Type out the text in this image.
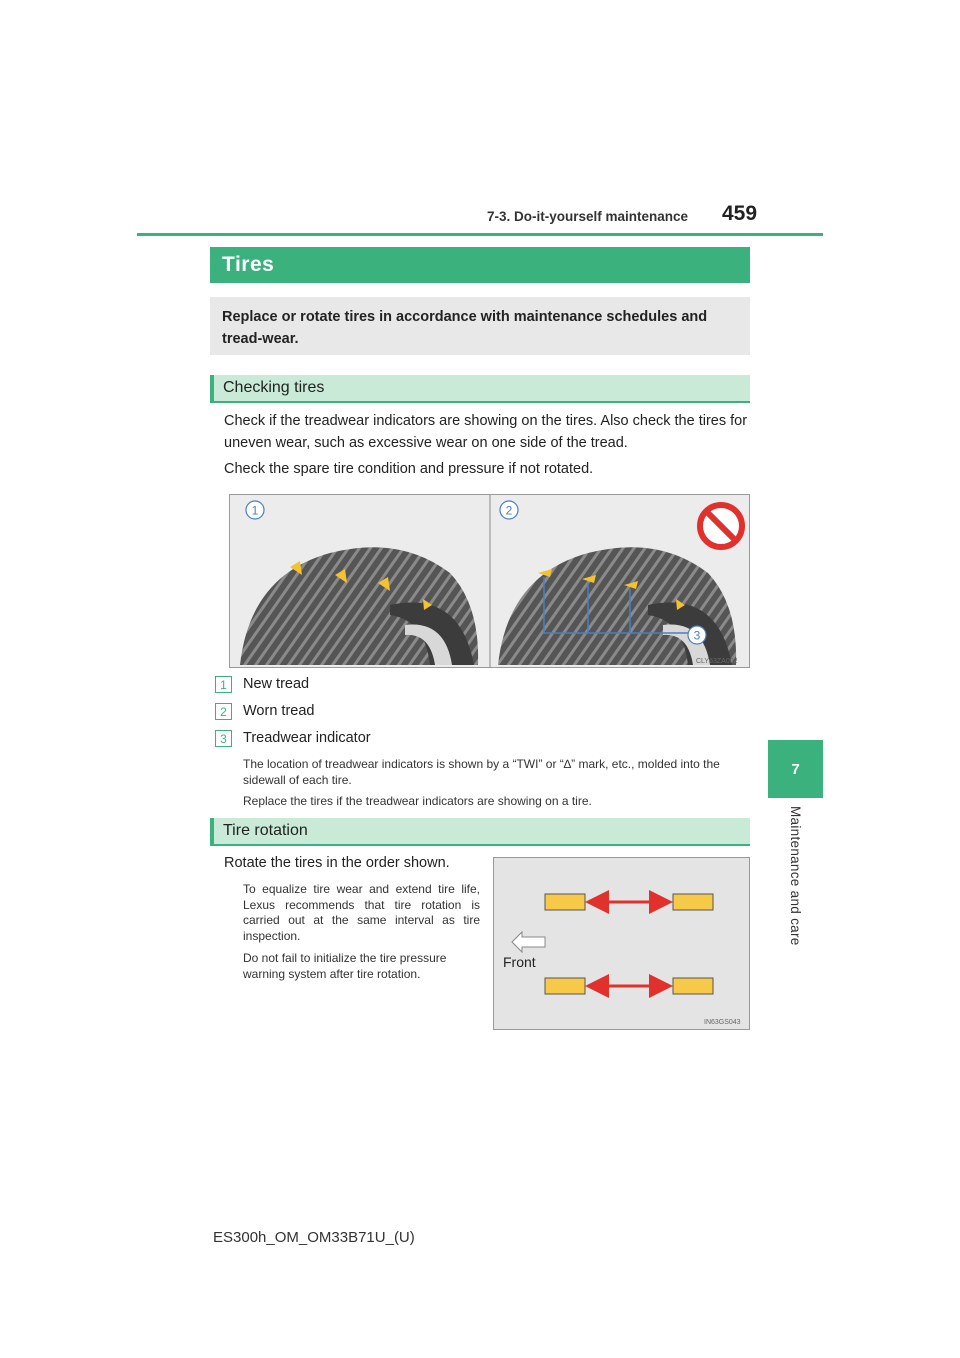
7-3. Do-it-yourself maintenance 459
7
Maintenance and care
Tires
Replace or rotate tires in accordance with maintenance schedules and tread-wear.
Checking tires
Check if the treadwear indicators are showing on the tires. Also check the tires for uneven wear, such as excessive wear on one side of the tread.
Check the spare tire condition and pressure if not rotated.
1	2
3
CLY63ZA002
1	New tread
2	Worn tread
3	Treadwear indicator
The location of treadwear indicators is shown by a “TWI” or “∆” mark, etc., molded into the sidewall of each tire.
Replace the tires if the treadwear indicators are showing on a tire.
Tire rotation
Rotate the tires in the order shown.
To equalize tire wear and extend tire life, Lexus recommends that tire rotation is carried out at the same interval as tire inspection.
Do not fail to initialize the tire pressure warning system after tire rotation.
Front
IN63GS043
ES300h_OM_OM33B71U_(U)
